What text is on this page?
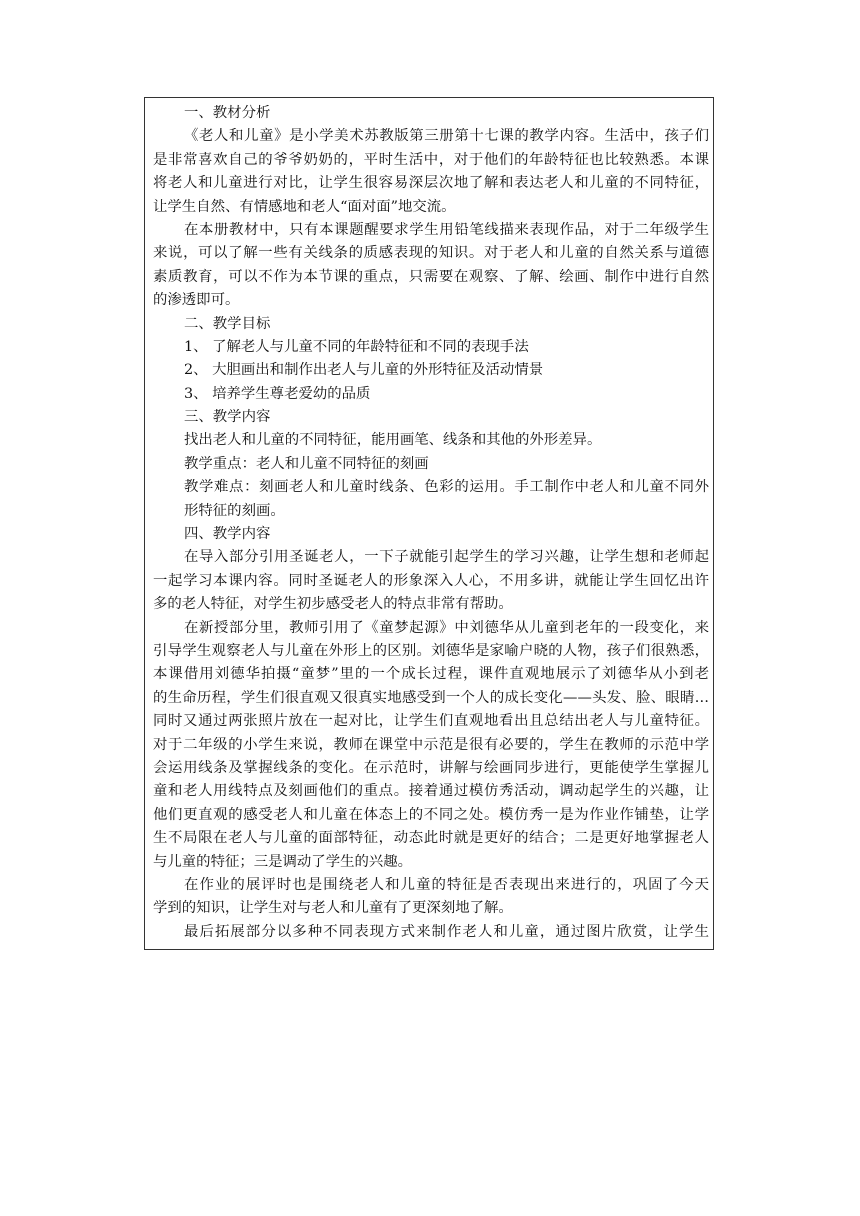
一、教材分析
《老人和儿童》是小学美术苏教版第三册第十七课的教学内容。生活中，孩子们
是非常喜欢自己的爷爷奶奶的，平时生活中，对于他们的年龄特征也比较熟悉。本课
将老人和儿童进行对比，让学生很容易深层次地了解和表达老人和儿童的不同特征，
让学生自然、有情感地和老人“面对面”地交流。
在本册教材中，只有本课题醒要求学生用铅笔线描来表现作品，对于二年级学生
来说，可以了解一些有关线条的质感表现的知识。对于老人和儿童的自然关系与道德
素质教育，可以不作为本节课的重点，只需要在观察、了解、绘画、制作中进行自然
的渗透即可。
二、教学目标
1、 了解老人与儿童不同的年龄特征和不同的表现手法
2、 大胆画出和制作出老人与儿童的外形特征及活动情景
3、 培养学生尊老爱幼的品质
三、教学内容
找出老人和儿童的不同特征，能用画笔、线条和其他的外形差异。
教学重点：老人和儿童不同特征的刻画
教学难点：刻画老人和儿童时线条、色彩的运用。手工制作中老人和儿童不同外
形特征的刻画。
四、教学内容
在导入部分引用圣诞老人，一下子就能引起学生的学习兴趣，让学生想和老师起
一起学习本课内容。同时圣诞老人的形象深入人心，不用多讲，就能让学生回忆出许
多的老人特征，对学生初步感受老人的特点非常有帮助。
在新授部分里，教师引用了《童梦起源》中刘德华从儿童到老年的一段变化，来
引导学生观察老人与儿童在外形上的区别。刘德华是家喻户晓的人物，孩子们很熟悉，
本课借用刘德华拍摄“童梦”里的一个成长过程，课件直观地展示了刘德华从小到老
的生命历程，学生们很直观又很真实地感受到一个人的成长变化——头发、脸、眼睛…
同时又通过两张照片放在一起对比，让学生们直观地看出且总结出老人与儿童特征。
对于二年级的小学生来说，教师在课堂中示范是很有必要的，学生在教师的示范中学
会运用线条及掌握线条的变化。在示范时，讲解与绘画同步进行，更能使学生掌握儿
童和老人用线特点及刻画他们的重点。接着通过模仿秀活动，调动起学生的兴趣，让
他们更直观的感受老人和儿童在体态上的不同之处。模仿秀一是为作业作铺垫，让学
生不局限在老人与儿童的面部特征，动态此时就是更好的结合；二是更好地掌握老人
与儿童的特征；三是调动了学生的兴趣。
在作业的展评时也是围绕老人和儿童的特征是否表现出来进行的，巩固了今天
学到的知识，让学生对与老人和儿童有了更深刻地了解。
最后拓展部分以多种不同表现方式来制作老人和儿童，通过图片欣赏，让学生
